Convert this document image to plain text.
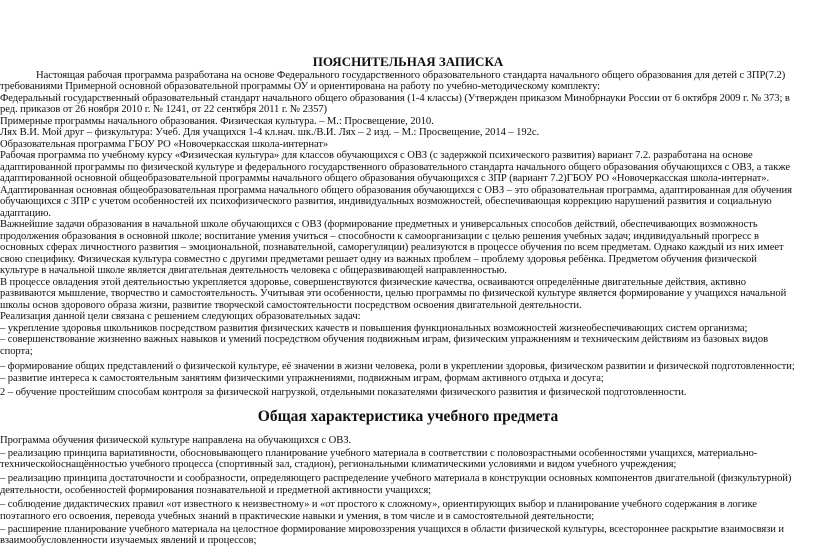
ПОЯСНИТЕЛЬНАЯ ЗАПИСКА
Настоящая рабочая программа разработана на основе Федерального государственного образовательного стандарта начального общего образования для детей с ЗПР(7.2)
требованиями Примерной основной образовательной программы ОУ и ориентирована на работу по учебно-методическому комплекту:
Федеральный государственный образовательный стандарт начального общего образования (1-4 классы) (Утвержден приказом Минобрнауки России от 6 октября 2009 г. № 373; в
ред. приказов от 26 ноября 2010 г. № 1241, от 22 сентября 2011 г. № 2357)
Примерные программы начального образования. Физическая культура. – М.: Просвещение, 2010.
Лях В.И. Мой друг – физкультура: Учеб. Для учащихся 1-4 кл.нач. шк./В.И. Лях – 2 изд. – М.: Просвещение, 2014 – 192с.
Образовательная программа ГБОУ РО «Новочеркасская школа-интернат»
Рабочая программа по учебному курсу «Физическая культура» для классов обучающихся с ОВЗ (с задержкой психического развития) вариант 7.2. разработана на основе
адаптированной программы по физической культуре и федерального государственного образовательного стандарта начального общего образования обучающихся с ОВЗ, а также
адаптированной основной общеобразовательной программы начального общего образования обучающихся с ЗПР (вариант 7.2)ГБОУ РО «Новочеркасская школа-интернат».
Адаптированная основная общеобразовательная программа начального общего образования обучающихся с ОВЗ – это образовательная программа, адаптированная для обучения
обучающихся с ЗПР с учетом особенностей их психофизического развития, индивидуальных возможностей, обеспечивающая коррекцию нарушений развития и социальную
адаптацию.
Важнейшие задачи образования в начальной школе обучающихся с ОВЗ (формирование предметных и универсальных способов действий, обеспечивающих возможность
продолжения образования в основной школе; воспитание умения учиться – способности к самоорганизации с целью решения учебных задач; индивидуальный прогресс в
основных сферах личностного развития – эмоциональной, познавательной, саморегуляции) реализуются в процессе обучения по всем предметам. Однако каждый из них имеет
свою специфику. Физическая культура совместно с другими предметами решает одну из важных проблем – проблему здоровья ребёнка. Предметом обучения физической
культуре в начальной школе является двигательная деятельность человека с общеразвивающей направленностью.
В процессе овладения этой деятельностью укрепляется здоровье, совершенствуются физические качества, осваиваются определённые двигательные действия, активно
развиваются мышление, творчество и самостоятельность. Учитывая эти особенности, целью программы по физической культуре является формирование у учащихся начальной
школы основ здорового образа жизни, развитие творческой самостоятельности посредством освоения двигательной деятельности.
Реализация данной цели связана с решением следующих образовательных задач:
– укрепление здоровья школьников посредством развития физических качеств и повышения функциональных возможностей жизнеобеспечивающих систем организма;
– совершенствование жизненно важных навыков и умений посредством обучения подвижным играм, физическим упражнениям и техническим действиям из базовых видов
спорта;
– формирование общих представлений о физической культуре, её значении в жизни человека, роли в укреплении здоровья, физическом развитии и физической подготовленности;
– развитие интереса к самостоятельным занятиям физическими упражнениями, подвижным играм, формам активного отдыха и досуга;
2 – обучение простейшим способам контроля за физической нагрузкой, отдельными показателями физического развития и физической подготовленности.
Общая характеристика учебного предмета
Программа обучения физической культуре направлена на обучающихся с ОВЗ.
– реализацию принципа вариативности, обосновывающего планирование учебного материала в соответствии с половозрастными особенностями учащихся, материально-
техническойоснащённостью учебного процесса (спортивный зал, стадион), региональными климатическими условиями и видом учебного учреждения;
– реализацию принципа достаточности и сообразности, определяющего распределение учебного материала в конструкции основных компонентов двигательной (физкультурной)
деятельности, особенностей формирования познавательной и предметной активности учащихся;
– соблюдение дидактических правил «от известного к неизвестному» и «от простого к сложному», ориентирующих выбор и планирование учебного содержания в логике
поэтапного его освоения, перевода учебных знаний в практические навыки и умения, в том числе и в самостоятельной деятельности;
– расширение планирование учебного материала на целостное формирование мировоззрения учащихся в области физической культуры, всестороннее раскрытие взаимосвязи и
взаимообусловленности изучаемых явлений и процессов;
